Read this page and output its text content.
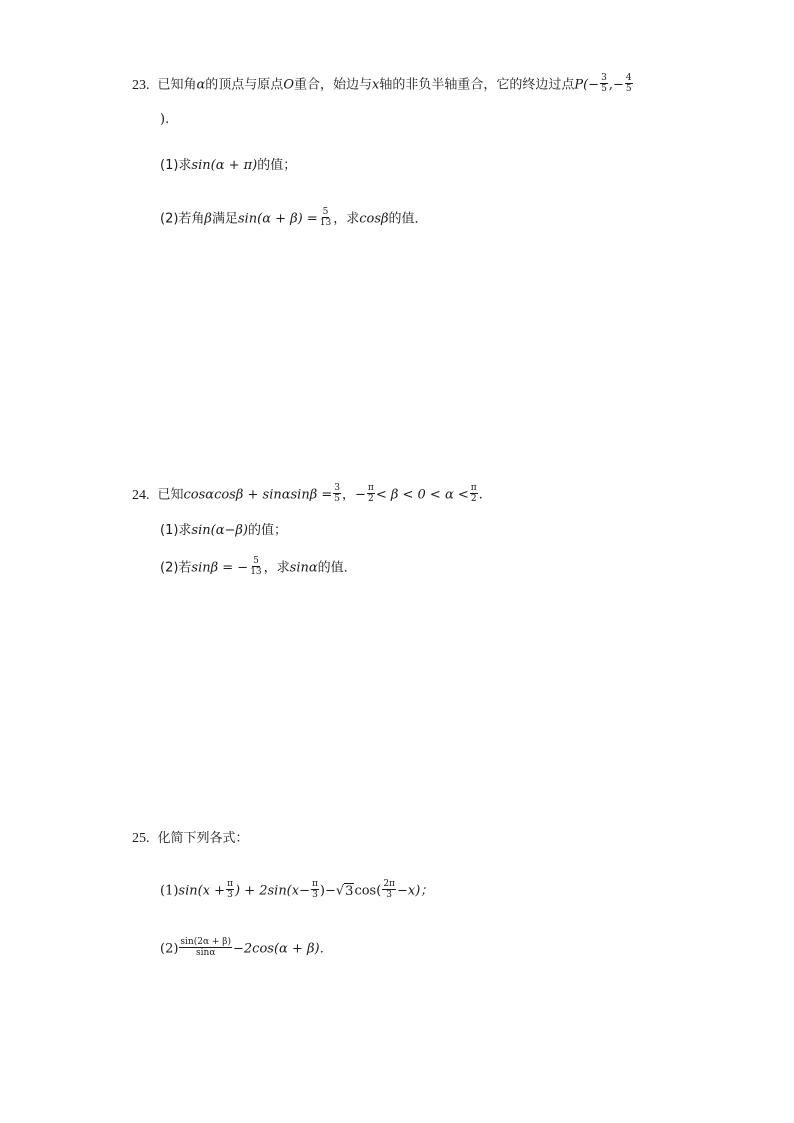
23. 已知角α的顶点与原点O重合，始边与x轴的非负半轴重合，它的终边过点$P(- \frac{3}{5}$ ,− $\frac{4}{5}$
).
(1)求sin(α + π)的值；
(2)若角β满足$\sin(\alpha + \beta) = \frac{5}{13}$ ，求cosβ的值．
24. 已知$\cos\alpha\cos\beta + \sin\alpha\sin\beta = \frac{3}{5}$ ，− $\frac{\pi}{2} < \beta < 0 < \alpha < \frac{\pi}{2}$ .
(1)求sin(α−β)的值；
(2)若sinβ = − $\frac{5}{13}$ ，求sinα的值．
25. 化简下列各式：
$(1)\sin(x + \frac{\pi}{3}$ ) + $2\sin(x- \frac{\pi}{3} )-√3\cos( \frac{2\pi}{3} -x)$；
$(2) \frac{\sin(2\alpha + \beta)}{\sin\alpha} -2\cos(\alpha + \beta)$．
